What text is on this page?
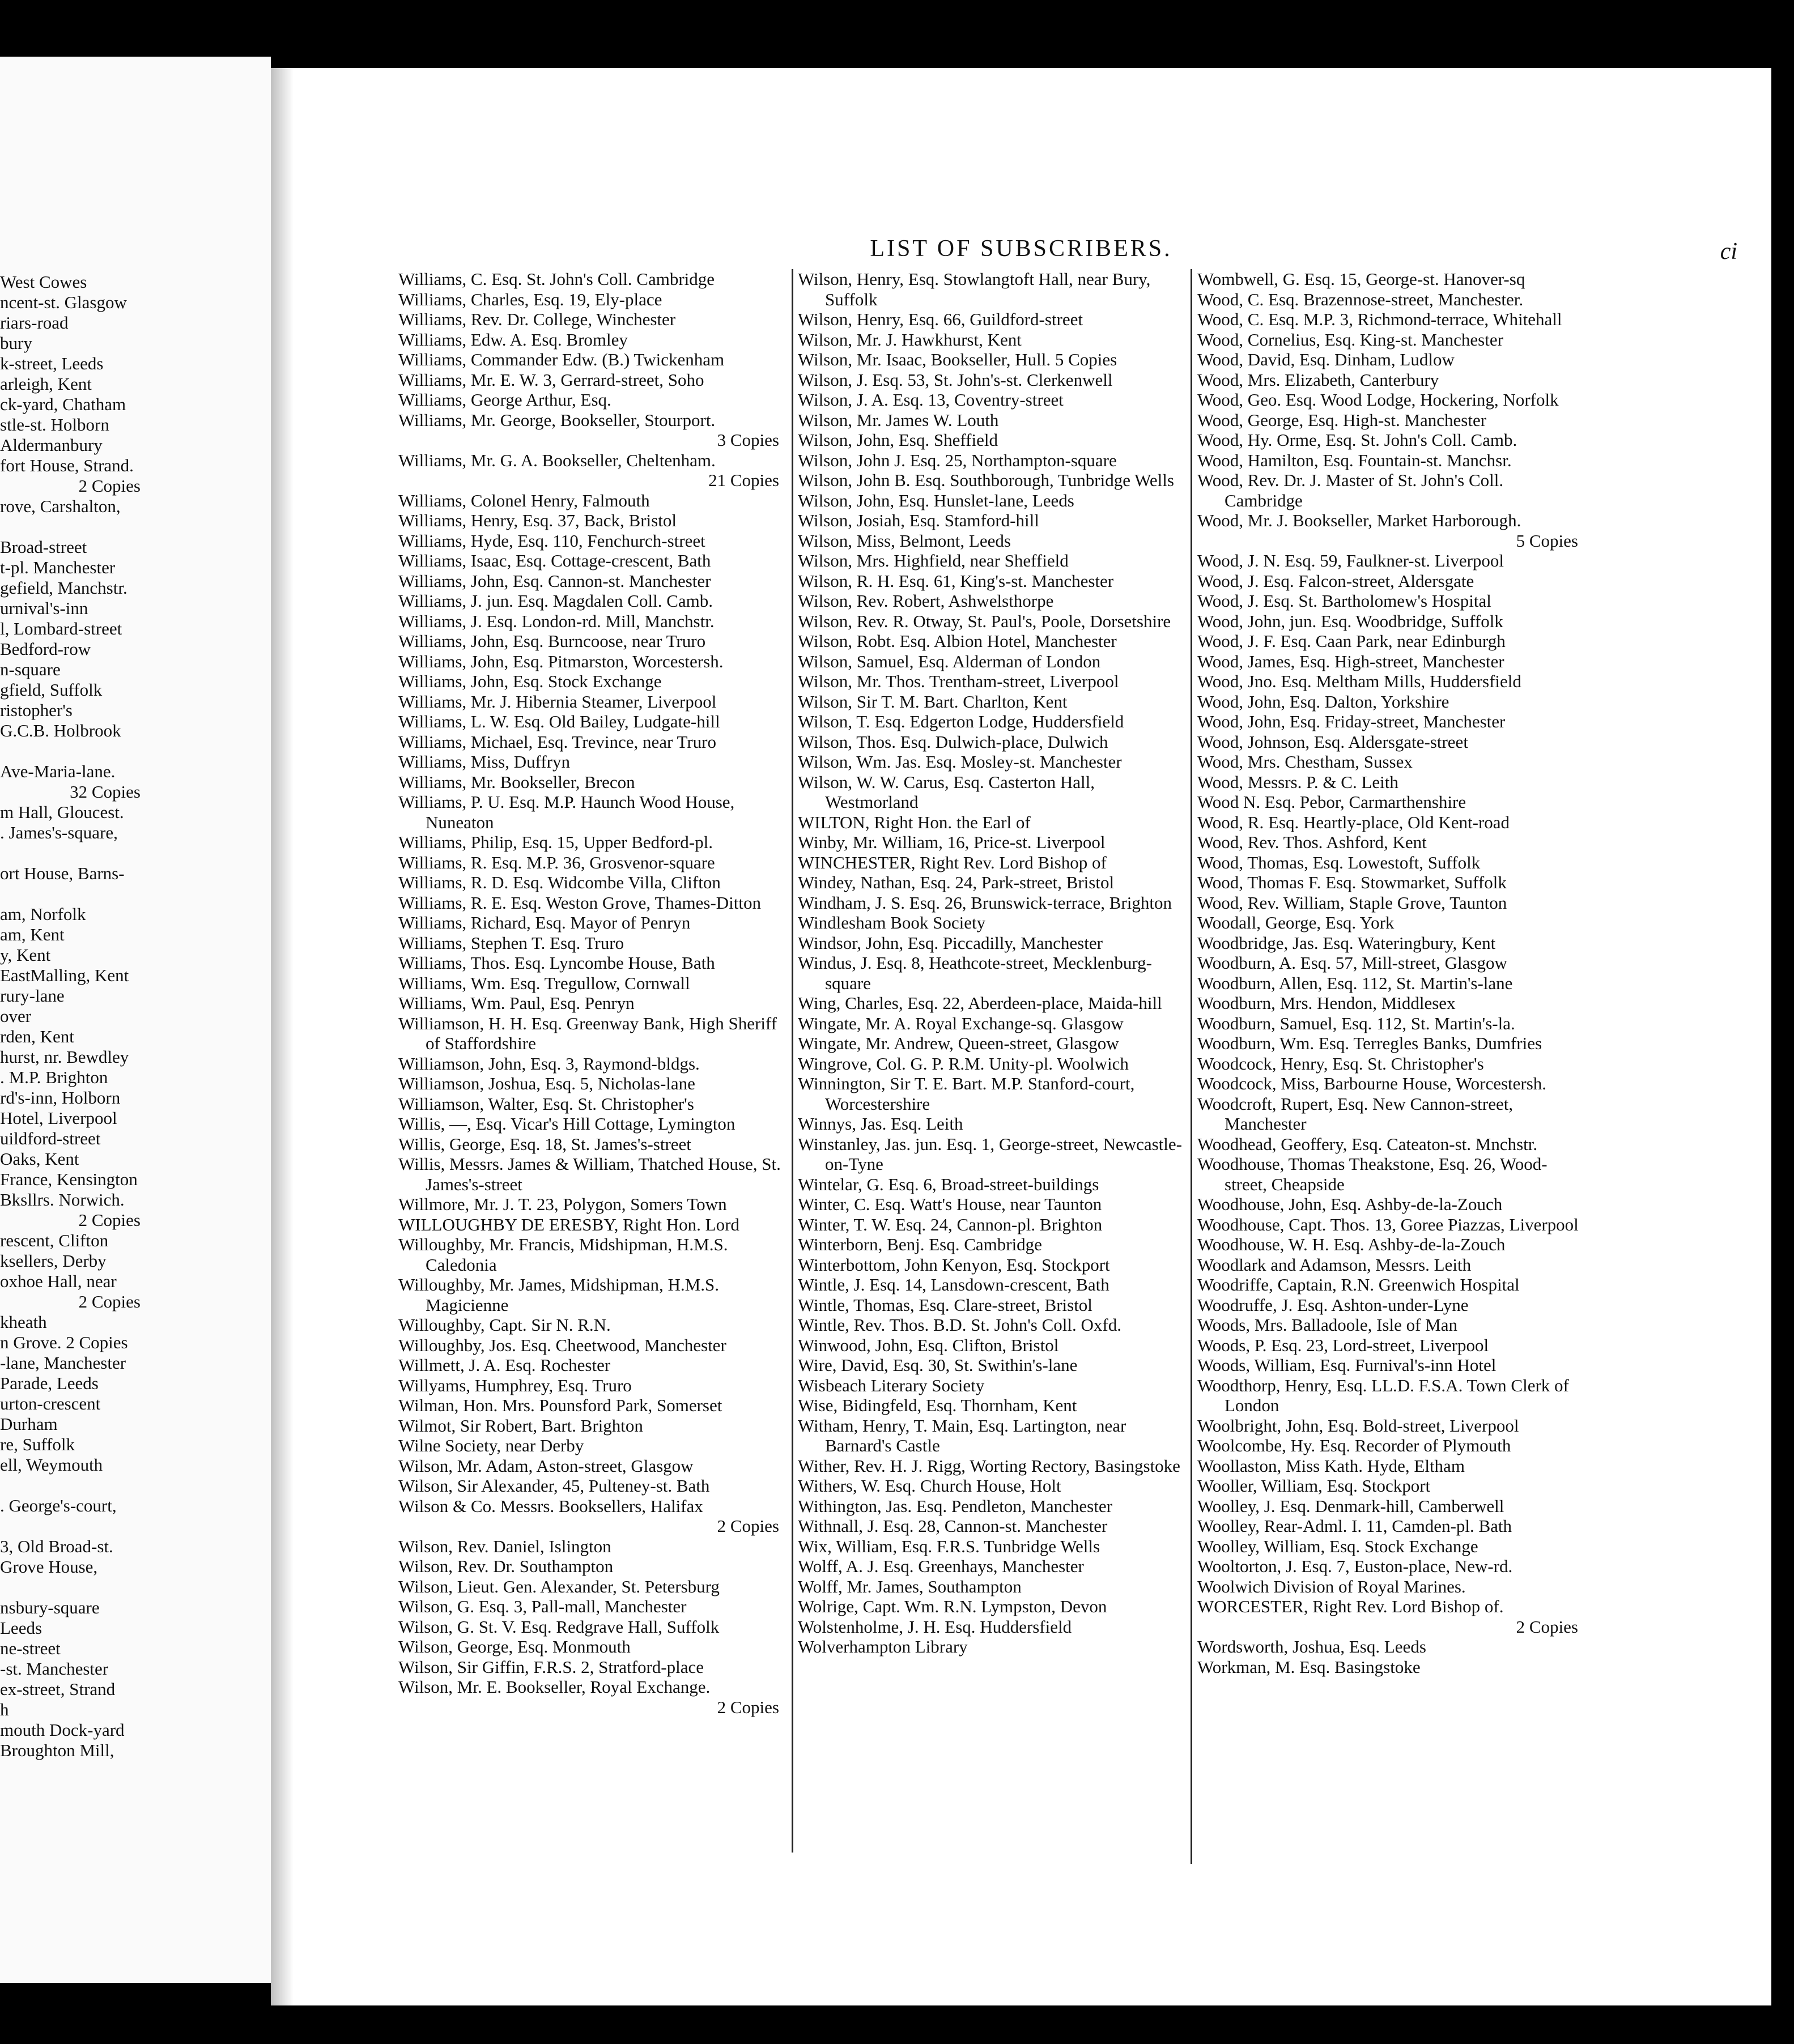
West Cowes
ncent-st. Glasgow
riars-road
bury
k-street, Leeds
arleigh, Kent
ck-yard, Chatham
stle-st. Holborn
Aldermanbury
fort House, Strand.
2 Copies
rove, Carshalton,

Broad-street
t-pl. Manchester
gefield, Manchstr.
urnival's-inn
l, Lombard-street
Bedford-row
n-square
gfield, Suffolk
ristopher's
G.C.B. Holbrook

Ave-Maria-lane.
32 Copies
m Hall, Gloucest.
. James's-square,

ort House, Barns-

am, Norfolk
am, Kent
y, Kent
EastMalling, Kent
rury-lane
over
rden, Kent
hurst, nr. Bewdley
. M.P. Brighton
rd's-inn, Holborn
Hotel, Liverpool
uildford-street
Oaks, Kent
France, Kensington
Bksllrs. Norwich.
2 Copies
rescent, Clifton
ksellers, Derby
oxhoe Hall, near
2 Copies
kheath
n Grove. 2 Copies
-lane, Manchester
Parade, Leeds
urton-crescent
Durham
re, Suffolk
ell, Weymouth

. George's-court,

3, Old Broad-st.
Grove House,

nsbury-square
Leeds
ne-street
-st. Manchester
ex-street, Strand
h
mouth Dock-yard
Broughton Mill,
LIST OF SUBSCRIBERS.	ci
Williams, C. Esq. St. John's Coll. Cambridge
Williams, Charles, Esq. 19, Ely-place
Williams, Rev. Dr. College, Winchester
Williams, Edw. A. Esq. Bromley
Williams, Commander Edw. (B.) Twickenham
Williams, Mr. E. W. 3, Gerrard-street, Soho
Williams, George Arthur, Esq.
Williams, Mr. George, Bookseller, Stourport.
3 Copies
Williams, Mr. G. A. Bookseller, Cheltenham.
21 Copies
Williams, Colonel Henry, Falmouth
Williams, Henry, Esq. 37, Back, Bristol
Williams, Hyde, Esq. 110, Fenchurch-street
Williams, Isaac, Esq. Cottage-crescent, Bath
Williams, John, Esq. Cannon-st. Manchester
Williams, J. jun. Esq. Magdalen Coll. Camb.
Williams, J. Esq. London-rd. Mill, Manchstr.
Williams, John, Esq. Burncoose, near Truro
Williams, John, Esq. Pitmarston, Worcestersh.
Williams, John, Esq. Stock Exchange
Williams, Mr. J. Hibernia Steamer, Liverpool
Williams, L. W. Esq. Old Bailey, Ludgate-hill
Williams, Michael, Esq. Trevince, near Truro
Williams, Miss, Duffryn
Williams, Mr. Bookseller, Brecon
Williams, P. U. Esq. M.P. Haunch Wood House, Nuneaton
Williams, Philip, Esq. 15, Upper Bedford-pl.
Williams, R. Esq. M.P. 36, Grosvenor-square
Williams, R. D. Esq. Widcombe Villa, Clifton
Williams, R. E. Esq. Weston Grove, Thames-Ditton
Williams, Richard, Esq. Mayor of Penryn
Williams, Stephen T. Esq. Truro
Williams, Thos. Esq. Lyncombe House, Bath
Williams, Wm. Esq. Tregullow, Cornwall
Williams, Wm. Paul, Esq. Penryn
Williamson, H. H. Esq. Greenway Bank, High Sheriff of Staffordshire
Williamson, John, Esq. 3, Raymond-bldgs.
Williamson, Joshua, Esq. 5, Nicholas-lane
Williamson, Walter, Esq. St. Christopher's
Willis, —, Esq. Vicar's Hill Cottage, Lymington
Willis, George, Esq. 18, St. James's-street
Willis, Messrs. James & William, Thatched House, St. James's-street
Willmore, Mr. J. T. 23, Polygon, Somers Town
WILLOUGHBY DE ERESBY, Right Hon. Lord
Willoughby, Mr. Francis, Midshipman, H.M.S. Caledonia
Willoughby, Mr. James, Midshipman, H.M.S. Magicienne
Willoughby, Capt. Sir N. R.N.
Willoughby, Jos. Esq. Cheetwood, Manchester
Willmett, J. A. Esq. Rochester
Willyams, Humphrey, Esq. Truro
Wilman, Hon. Mrs. Pounsford Park, Somerset
Wilmot, Sir Robert, Bart. Brighton
Wilne Society, near Derby
Wilson, Mr. Adam, Aston-street, Glasgow
Wilson, Sir Alexander, 45, Pulteney-st. Bath
Wilson & Co. Messrs. Booksellers, Halifax
2 Copies
Wilson, Rev. Daniel, Islington
Wilson, Rev. Dr. Southampton
Wilson, Lieut. Gen. Alexander, St. Petersburg
Wilson, G. Esq. 3, Pall-mall, Manchester
Wilson, G. St. V. Esq. Redgrave Hall, Suffolk
Wilson, George, Esq. Monmouth
Wilson, Sir Giffin, F.R.S. 2, Stratford-place
Wilson, Mr. E. Bookseller, Royal Exchange.
2 Copies
Wilson, Henry, Esq. Stowlangtoft Hall, near Bury, Suffolk
Wilson, Henry, Esq. 66, Guildford-street
Wilson, Mr. J. Hawkhurst, Kent
Wilson, Mr. Isaac, Bookseller, Hull. 5 Copies
Wilson, J. Esq. 53, St. John's-st. Clerkenwell
Wilson, J. A. Esq. 13, Coventry-street
Wilson, Mr. James W. Louth
Wilson, John, Esq. Sheffield
Wilson, John J. Esq. 25, Northampton-square
Wilson, John B. Esq. Southborough, Tunbridge Wells
Wilson, John, Esq. Hunslet-lane, Leeds
Wilson, Josiah, Esq. Stamford-hill
Wilson, Miss, Belmont, Leeds
Wilson, Mrs. Highfield, near Sheffield
Wilson, R. H. Esq. 61, King's-st. Manchester
Wilson, Rev. Robert, Ashwelsthorpe
Wilson, Rev. R. Otway, St. Paul's, Poole, Dorsetshire
Wilson, Robt. Esq. Albion Hotel, Manchester
Wilson, Samuel, Esq. Alderman of London
Wilson, Mr. Thos. Trentham-street, Liverpool
Wilson, Sir T. M. Bart. Charlton, Kent
Wilson, T. Esq. Edgerton Lodge, Huddersfield
Wilson, Thos. Esq. Dulwich-place, Dulwich
Wilson, Wm. Jas. Esq. Mosley-st. Manchester
Wilson, W. W. Carus, Esq. Casterton Hall, Westmorland
WILTON, Right Hon. the Earl of
Winby, Mr. William, 16, Price-st. Liverpool
WINCHESTER, Right Rev. Lord Bishop of
Windey, Nathan, Esq. 24, Park-street, Bristol
Windham, J. S. Esq. 26, Brunswick-terrace, Brighton
Windlesham Book Society
Windsor, John, Esq. Piccadilly, Manchester
Windus, J. Esq. 8, Heathcote-street, Mecklenburg-square
Wing, Charles, Esq. 22, Aberdeen-place, Maida-hill
Wingate, Mr. A. Royal Exchange-sq. Glasgow
Wingate, Mr. Andrew, Queen-street, Glasgow
Wingrove, Col. G. P. R.M. Unity-pl. Woolwich
Winnington, Sir T. E. Bart. M.P. Stanford-court, Worcestershire
Winnys, Jas. Esq. Leith
Winstanley, Jas. jun. Esq. 1, George-street, Newcastle-on-Tyne
Wintelar, G. Esq. 6, Broad-street-buildings
Winter, C. Esq. Watt's House, near Taunton
Winter, T. W. Esq. 24, Cannon-pl. Brighton
Winterborn, Benj. Esq. Cambridge
Winterbottom, John Kenyon, Esq. Stockport
Wintle, J. Esq. 14, Lansdown-crescent, Bath
Wintle, Thomas, Esq. Clare-street, Bristol
Wintle, Rev. Thos. B.D. St. John's Coll. Oxfd.
Winwood, John, Esq. Clifton, Bristol
Wire, David, Esq. 30, St. Swithin's-lane
Wisbeach Literary Society
Wise, Bidingfeld, Esq. Thornham, Kent
Witham, Henry, T. Main, Esq. Lartington, near Barnard's Castle
Wither, Rev. H. J. Rigg, Worting Rectory, Basingstoke
Withers, W. Esq. Church House, Holt
Withington, Jas. Esq. Pendleton, Manchester
Withnall, J. Esq. 28, Cannon-st. Manchester
Wix, William, Esq. F.R.S. Tunbridge Wells
Wolff, A. J. Esq. Greenhays, Manchester
Wolff, Mr. James, Southampton
Wolrige, Capt. Wm. R.N. Lympston, Devon
Wolstenholme, J. H. Esq. Huddersfield
Wolverhampton Library
Wombwell, G. Esq. 15, George-st. Hanover-sq
Wood, C. Esq. Brazennose-street, Manchester.
Wood, C. Esq. M.P. 3, Richmond-terrace, Whitehall
Wood, Cornelius, Esq. King-st. Manchester
Wood, David, Esq. Dinham, Ludlow
Wood, Mrs. Elizabeth, Canterbury
Wood, Geo. Esq. Wood Lodge, Hockering, Norfolk
Wood, George, Esq. High-st. Manchester
Wood, Hy. Orme, Esq. St. John's Coll. Camb.
Wood, Hamilton, Esq. Fountain-st. Manchsr.
Wood, Rev. Dr. J. Master of St. John's Coll. Cambridge
Wood, Mr. J. Bookseller, Market Harborough.
5 Copies
Wood, J. N. Esq. 59, Faulkner-st. Liverpool
Wood, J. Esq. Falcon-street, Aldersgate
Wood, J. Esq. St. Bartholomew's Hospital
Wood, John, jun. Esq. Woodbridge, Suffolk
Wood, J. F. Esq. Caan Park, near Edinburgh
Wood, James, Esq. High-street, Manchester
Wood, Jno. Esq. Meltham Mills, Huddersfield
Wood, John, Esq. Dalton, Yorkshire
Wood, John, Esq. Friday-street, Manchester
Wood, Johnson, Esq. Aldersgate-street
Wood, Mrs. Chestham, Sussex
Wood, Messrs. P. & C. Leith
Wood N. Esq. Pebor, Carmarthenshire
Wood, R. Esq. Heartly-place, Old Kent-road
Wood, Rev. Thos. Ashford, Kent
Wood, Thomas, Esq. Lowestoft, Suffolk
Wood, Thomas F. Esq. Stowmarket, Suffolk
Wood, Rev. William, Staple Grove, Taunton
Woodall, George, Esq. York
Woodbridge, Jas. Esq. Wateringbury, Kent
Woodburn, A. Esq. 57, Mill-street, Glasgow
Woodburn, Allen, Esq. 112, St. Martin's-lane
Woodburn, Mrs. Hendon, Middlesex
Woodburn, Samuel, Esq. 112, St. Martin's-la.
Woodburn, Wm. Esq. Terregles Banks, Dumfries
Woodcock, Henry, Esq. St. Christopher's
Woodcock, Miss, Barbourne House, Worcestersh.
Woodcroft, Rupert, Esq. New Cannon-street, Manchester
Woodhead, Geoffery, Esq. Cateaton-st. Mnchstr.
Woodhouse, Thomas Theakstone, Esq. 26, Wood-street, Cheapside
Woodhouse, John, Esq. Ashby-de-la-Zouch
Woodhouse, Capt. Thos. 13, Goree Piazzas, Liverpool
Woodhouse, W. H. Esq. Ashby-de-la-Zouch
Woodlark and Adamson, Messrs. Leith
Woodriffe, Captain, R.N. Greenwich Hospital
Woodruffe, J. Esq. Ashton-under-Lyne
Woods, Mrs. Balladoole, Isle of Man
Woods, P. Esq. 23, Lord-street, Liverpool
Woods, William, Esq. Furnival's-inn Hotel
Woodthorp, Henry, Esq. LL.D. F.S.A. Town Clerk of London
Woolbright, John, Esq. Bold-street, Liverpool
Woolcombe, Hy. Esq. Recorder of Plymouth
Woollaston, Miss Kath. Hyde, Eltham
Wooller, William, Esq. Stockport
Woolley, J. Esq. Denmark-hill, Camberwell
Woolley, Rear-Adml. I. 11, Camden-pl. Bath
Woolley, William, Esq. Stock Exchange
Wooltorton, J. Esq. 7, Euston-place, New-rd.
Woolwich Division of Royal Marines.
WORCESTER, Right Rev. Lord Bishop of.
2 Copies
Wordsworth, Joshua, Esq. Leeds
Workman, M. Esq. Basingstoke
